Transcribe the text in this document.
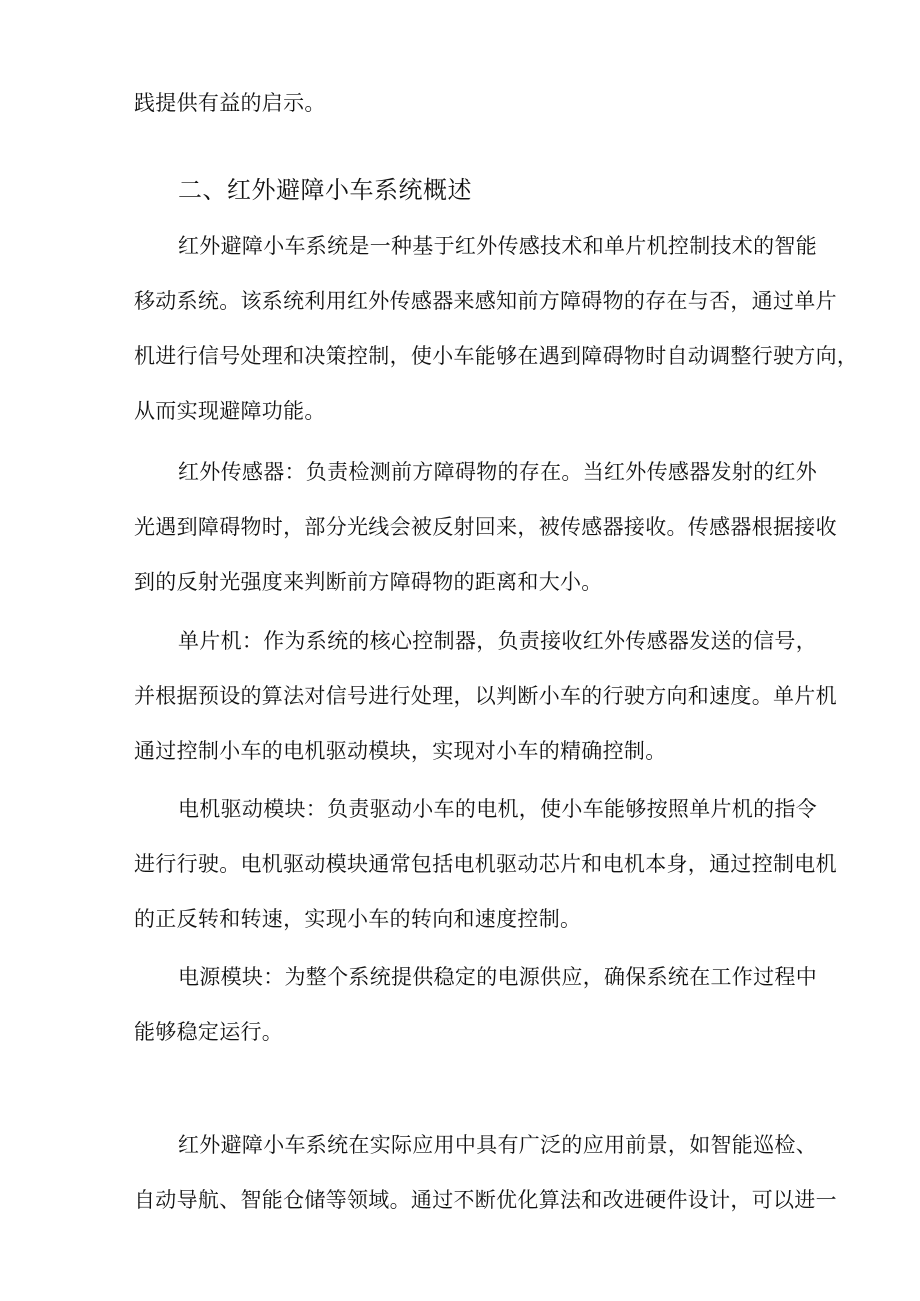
践提供有益的启示。

二、红外避障小车系统概述

红外避障小车系统是一种基于红外传感技术和单片机控制技术的智能
移动系统。该系统利用红外传感器来感知前方障碍物的存在与否，通过单片
机进行信号处理和决策控制，使小车能够在遇到障碍物时自动调整行驶方向，
从而实现避障功能。

红外传感器：负责检测前方障碍物的存在。当红外传感器发射的红外
光遇到障碍物时，部分光线会被反射回来，被传感器接收。传感器根据接收
到的反射光强度来判断前方障碍物的距离和大小。

单片机：作为系统的核心控制器，负责接收红外传感器发送的信号，
并根据预设的算法对信号进行处理，以判断小车的行驶方向和速度。单片机
通过控制小车的电机驱动模块，实现对小车的精确控制。

电机驱动模块：负责驱动小车的电机，使小车能够按照单片机的指令
进行行驶。电机驱动模块通常包括电机驱动芯片和电机本身，通过控制电机
的正反转和转速，实现小车的转向和速度控制。

电源模块：为整个系统提供稳定的电源供应，确保系统在工作过程中
能够稳定运行。

红外避障小车系统在实际应用中具有广泛的应用前景，如智能巡检、
自动导航、智能仓储等领域。通过不断优化算法和改进硬件设计，可以进一
